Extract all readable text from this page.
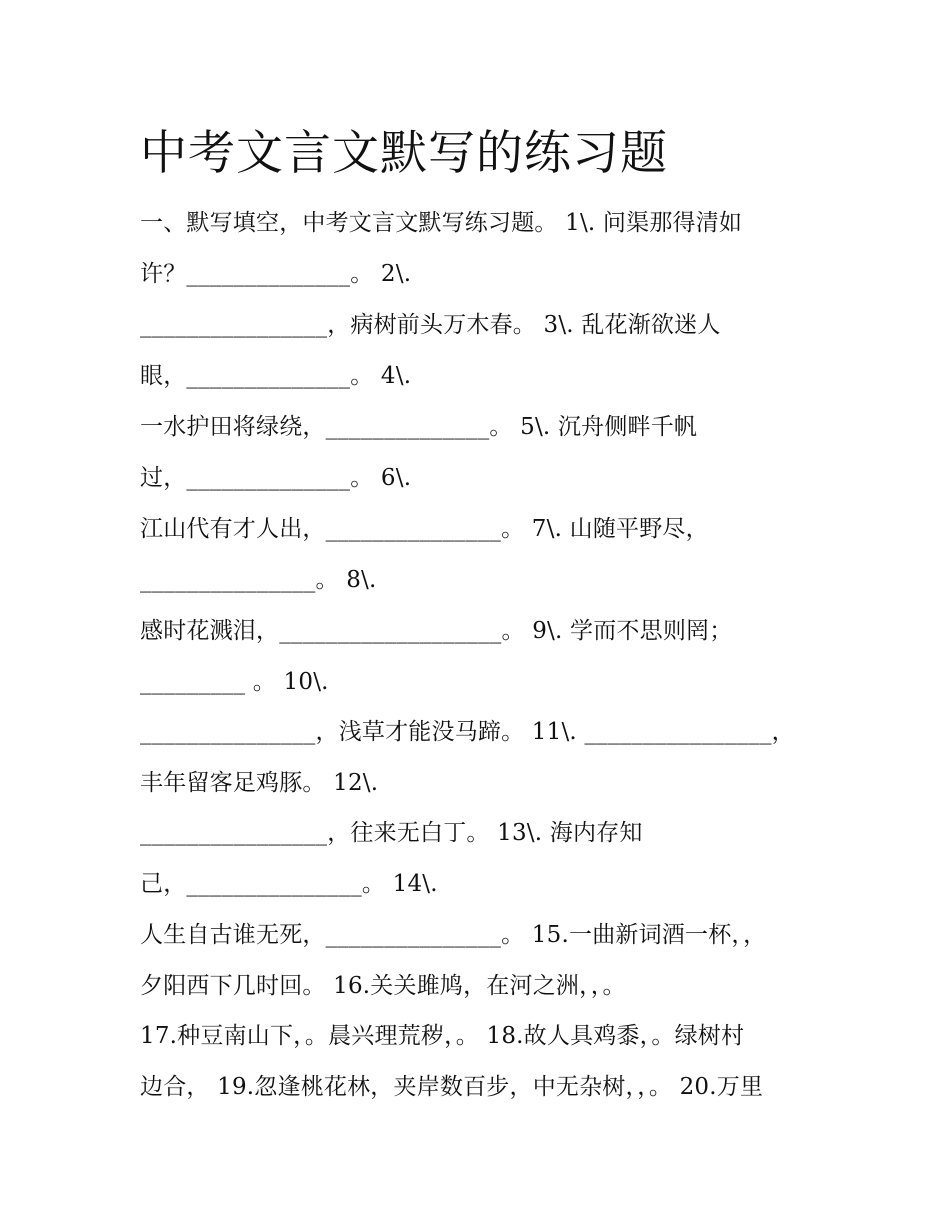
中考文言文默写的练习题

一、默写填空，中考文言文默写练习题。 1\. 问渠那得清如

许？______________。 2\.

________________，病树前头万木春。 3\. 乱花渐欲迷人

眼，______________。 4\.

一水护田将绿绕，______________。 5\. 沉舟侧畔千帆

过，______________。 6\.

江山代有才人出，_______________。 7\. 山随平野尽，

_______________。 8\.

感时花溅泪，___________________。 9\. 学而不思则罔；

_________ 。 10\.

_______________，浅草才能没马蹄。 11\. ________________，

丰年留客足鸡豚。 12\.

________________，往来无白丁。 13\. 海内存知

己，_______________。 14\.

人生自古谁无死，_______________。 15.一曲新词酒一杯，，

夕阳西下几时回。 16.关关雎鸠，在河之洲，，。

17.种豆南山下，。晨兴理荒秽，。 18.故人具鸡黍，。绿树村

边合， 19.忽逢桃花林，夹岸数百步，中无杂树，，。 20.万里
